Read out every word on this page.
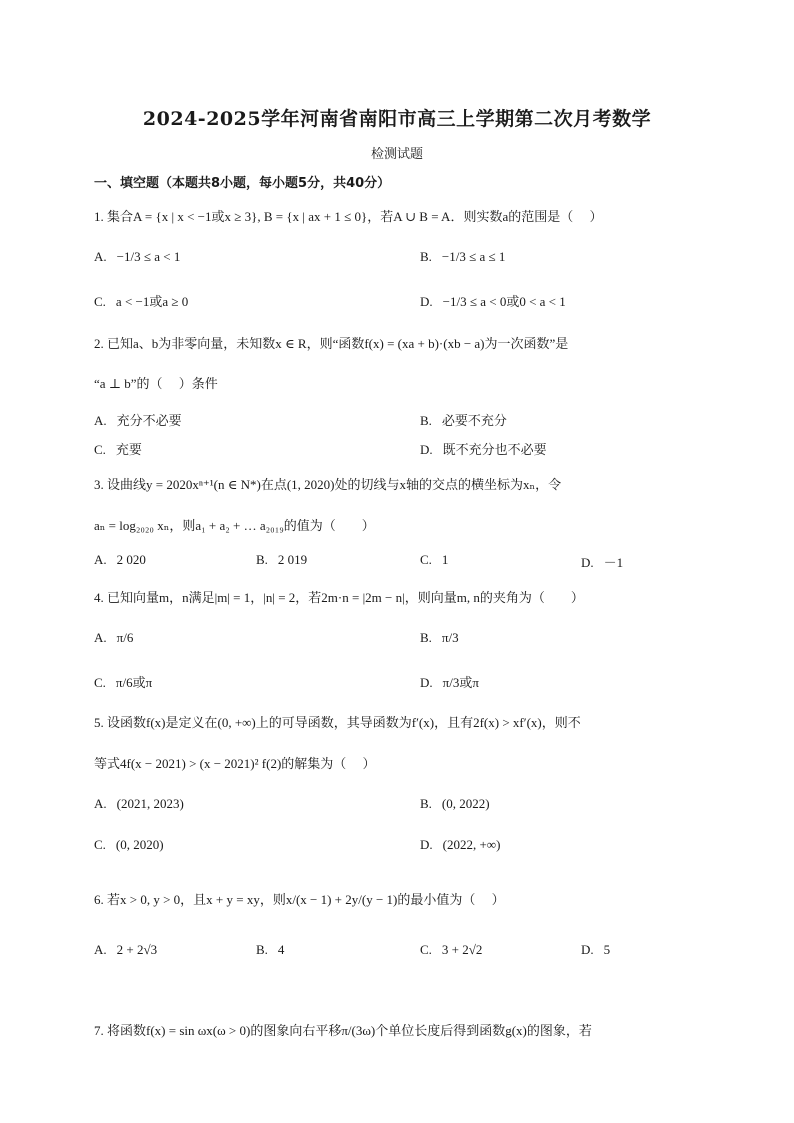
2024-2025学年河南省南阳市高三上学期第二次月考数学
检测试题
一、填空题（本题共8小题，每小题5分，共40分）
1. 集合A = {x | x < −1或x ≥ 3}, B = {x | ax + 1 ≤ 0}，若A ∪ B = A．则实数a的范围是（　 ）
A. −1/3 ≤ a < 1	B. −1/3 ≤ a ≤ 1
C. a < −1或a ≥ 0	D. −1/3 ≤ a < 0或0 < a < 1
2. 已知a、b为非零向量，未知数x ∈ R，则“函数f(x) = (xa + b)·(xb − a)为一次函数”是
“a ⊥ b”的（　 ）条件
A. 充分不必要	B. 必要不充分
C. 充要	D. 既不充分也不必要
3. 设曲线y = 2020xⁿ⁺¹(n ∈ N*)在点(1, 2020)处的切线与x轴的交点的横坐标为xₙ，令
aₙ = log₂₀₂₀ xₙ，则a₁ + a₂ + … a₂₀₁₉的值为（　　）
A. 2 020	B. 2 019	C. 1	D. －1
4. 已知向量m，n满足|m| = 1，|n| = 2，若2m·n = |2m − n|，则向量m, n的夹角为（　　）
A. π/6	B. π/3
C. π/6或π	D. π/3或π
5. 设函数f(x)是定义在(0, +∞)上的可导函数，其导函数为f′(x)，且有2f(x) > xf′(x)，则不
等式4f(x − 2021) > (x − 2021)² f(2)的解集为（　 ）
A. (2021, 2023)	B. (0, 2022)
C. (0, 2020)	D. (2022, +∞)
6. 若x > 0, y > 0，且x + y = xy，则x/(x − 1) + 2y/(y − 1)的最小值为（　 ）
A. 2 + 2√3	B. 4	C. 3 + 2√2	D. 5
7. 将函数f(x) = sin ωx(ω > 0)的图象向右平移π/(3ω)个单位长度后得到函数g(x)的图象，若
